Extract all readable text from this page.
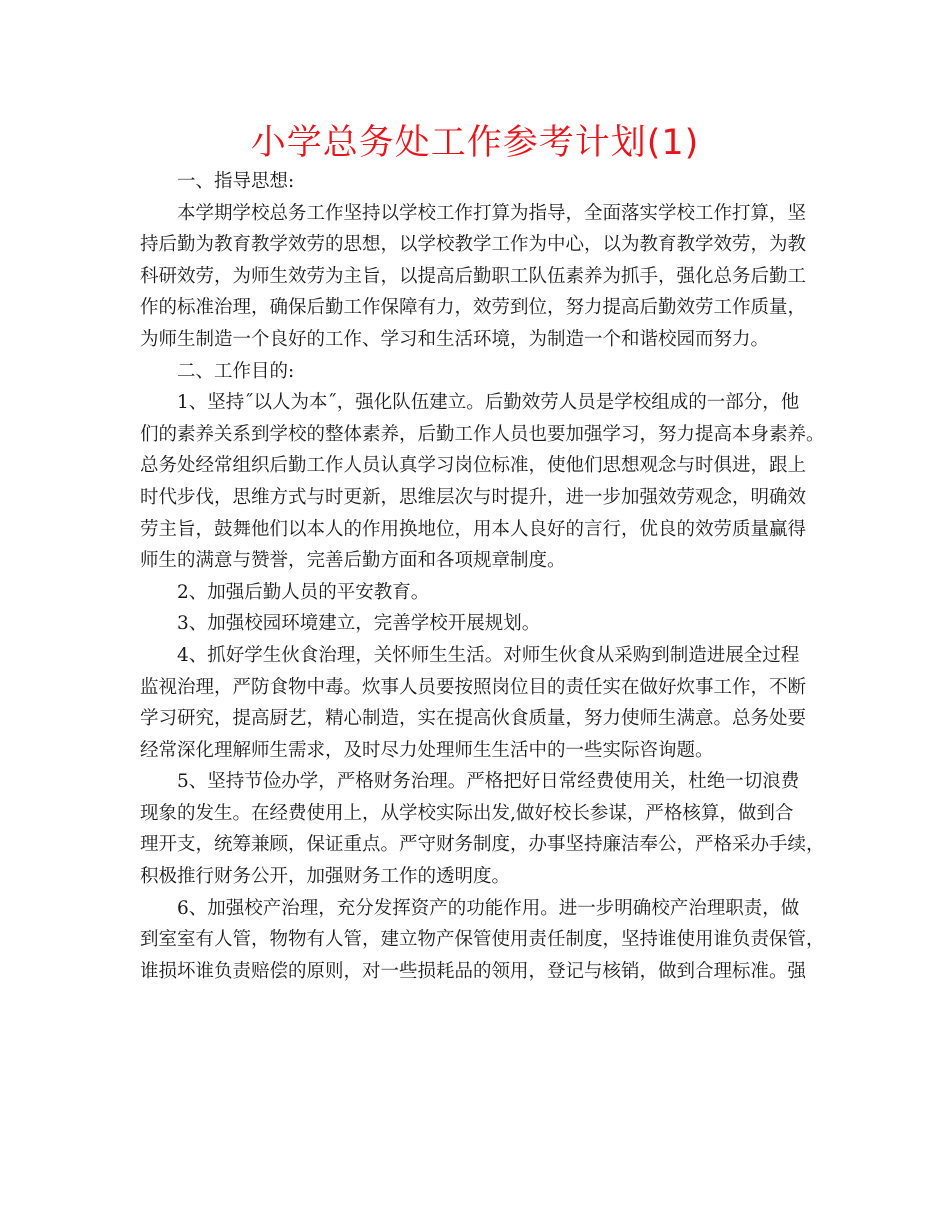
小学总务处工作参考计划(1)

一、指导思想:

本学期学校总务工作坚持以学校工作打算为指导，全面落实学校工作打算，坚
持后勤为教育教学效劳的思想，以学校教学工作为中心，以为教育教学效劳，为教
科研效劳，为师生效劳为主旨，以提高后勤职工队伍素养为抓手，强化总务后勤工
作的标准治理，确保后勤工作保障有力，效劳到位，努力提高后勤效劳工作质量，
为师生制造一个良好的工作、学习和生活环境，为制造一个和谐校园而努力。

二、工作目的:

1、坚持˝以人为本˝，强化队伍建立。后勤效劳人员是学校组成的一部分，他
们的素养关系到学校的整体素养，后勤工作人员也要加强学习，努力提高本身素养。
总务处经常组织后勤工作人员认真学习岗位标准，使他们思想观念与时俱进，跟上
时代步伐，思维方式与时更新，思维层次与时提升，进一步加强效劳观念，明确效
劳主旨，鼓舞他们以本人的作用换地位，用本人良好的言行，优良的效劳质量赢得
师生的满意与赞誉，完善后勤方面和各项规章制度。
2、加强后勤人员的平安教育。
3、加强校园环境建立，完善学校开展规划。
4、抓好学生伙食治理，关怀师生生活。对师生伙食从采购到制造进展全过程
监视治理，严防食物中毒。炊事人员要按照岗位目的责任实在做好炊事工作，不断
学习研究，提高厨艺，精心制造，实在提高伙食质量，努力使师生满意。总务处要
经常深化理解师生需求，及时尽力处理师生生活中的一些实际咨询题。
5、坚持节俭办学，严格财务治理。严格把好日常经费使用关，杜绝一切浪费
现象的发生。在经费使用上，从学校实际出发,做好校长参谋，严格核算，做到合
理开支，统筹兼顾，保证重点。严守财务制度，办事坚持廉洁奉公，严格采办手续，
积极推行财务公开，加强财务工作的透明度。
6、加强校产治理，充分发挥资产的功能作用。进一步明确校产治理职责，做
到室室有人管，物物有人管，建立物产保管使用责任制度，坚持谁使用谁负责保管，
谁损坏谁负责赔偿的原则，对一些损耗品的领用，登记与核销，做到合理标准。强
